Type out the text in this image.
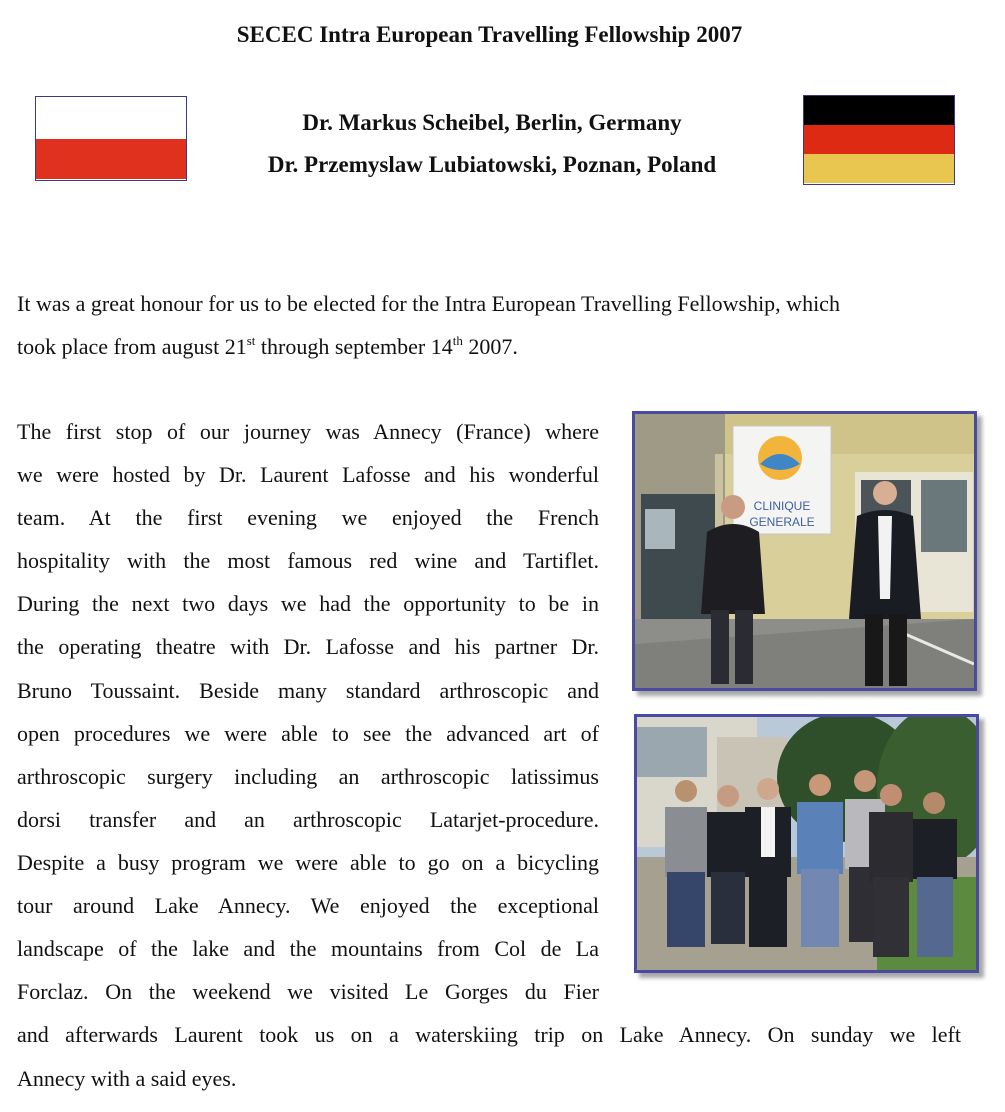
SECEC Intra European Travelling Fellowship 2007
Dr. Markus Scheibel, Berlin, Germany
Dr. Przemyslaw Lubiatowski, Poznan, Poland
It was a great honour for us to be elected for the Intra European Travelling Fellowship, which
took place from august 21st through september 14th 2007.
The first stop of our journey was Annecy (France) where
we were hosted by Dr. Laurent Lafosse and his wonderful
team. At the first evening we enjoyed the French
hospitality with the most famous red wine and Tartiflet.
During the next two days we had the opportunity to be in
the operating theatre with Dr. Lafosse and his partner Dr.
Bruno Toussaint. Beside many standard arthroscopic and
open procedures we were able to see the advanced art of
arthroscopic surgery including an arthroscopic latissimus
dorsi transfer and an arthroscopic Latarjet-procedure.
Despite a busy program we were able to go on a bicycling
tour around Lake Annecy. We enjoyed the exceptional
landscape of the lake and the mountains from Col de La
Forclaz. On the weekend we visited Le Gorges du Fier
and afterwards Laurent took us on a waterskiing trip on Lake Annecy. On sunday we left
Annecy with a said eyes.
CLINIQUE
GENERALE
